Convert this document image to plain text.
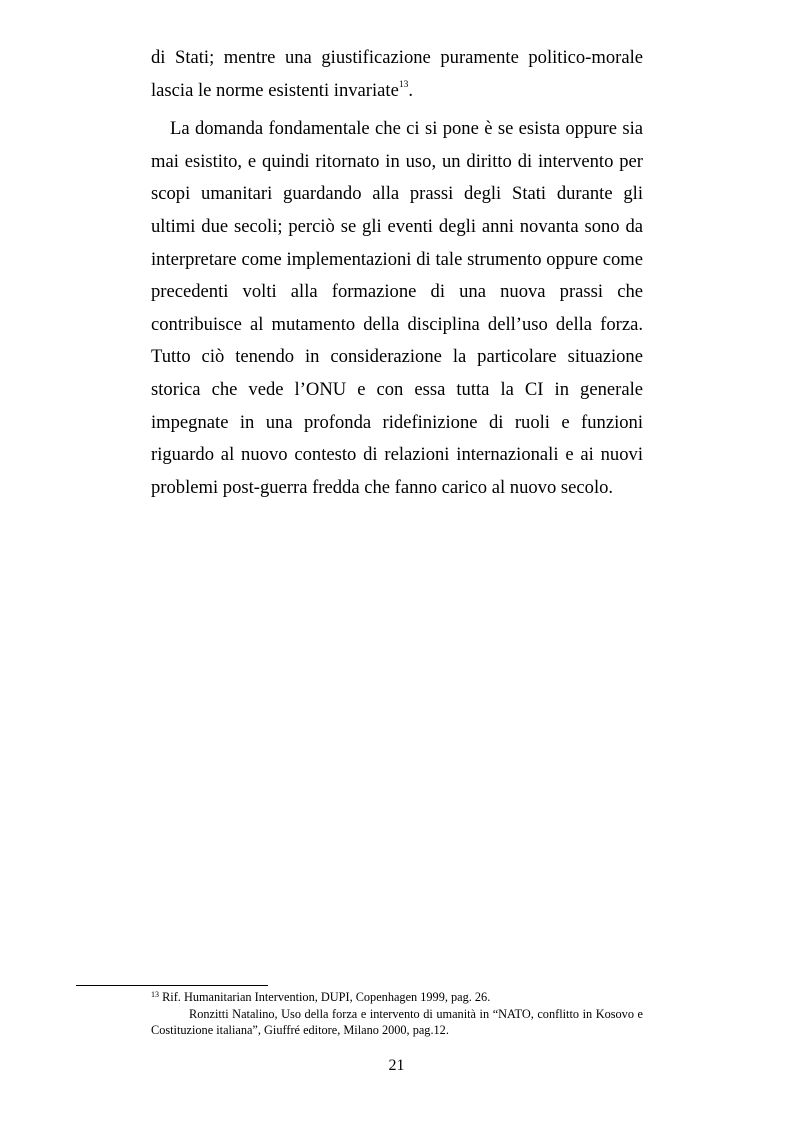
di Stati; mentre una giustificazione puramente politico-morale lascia le norme esistenti invariate$^{13}$.

La domanda fondamentale che ci si pone è se esista oppure sia mai esistito, e quindi ritornato in uso, un diritto di intervento per scopi umanitari guardando alla prassi degli Stati durante gli ultimi due secoli; perciò se gli eventi degli anni novanta sono da interpretare come implementazioni di tale strumento oppure come precedenti volti alla formazione di una nuova prassi che contribuisce al mutamento della disciplina dell’uso della forza. Tutto ciò tenendo in considerazione la particolare situazione storica che vede l’ONU e con essa tutta la CI in generale impegnate in una profonda ridefinizione di ruoli e funzioni riguardo al nuovo contesto di relazioni internazionali e ai nuovi problemi post-guerra fredda che fanno carico al nuovo secolo.

$^{13}$ Rif. Humanitarian Intervention, DUPI, Copenhagen 1999, pag. 26.

Ronzitti Natalino, Uso della forza e intervento di umanità in “NATO, conflitto in Kosovo e Costituzione italiana”, Giuffré editore, Milano 2000, pag.12.

21
